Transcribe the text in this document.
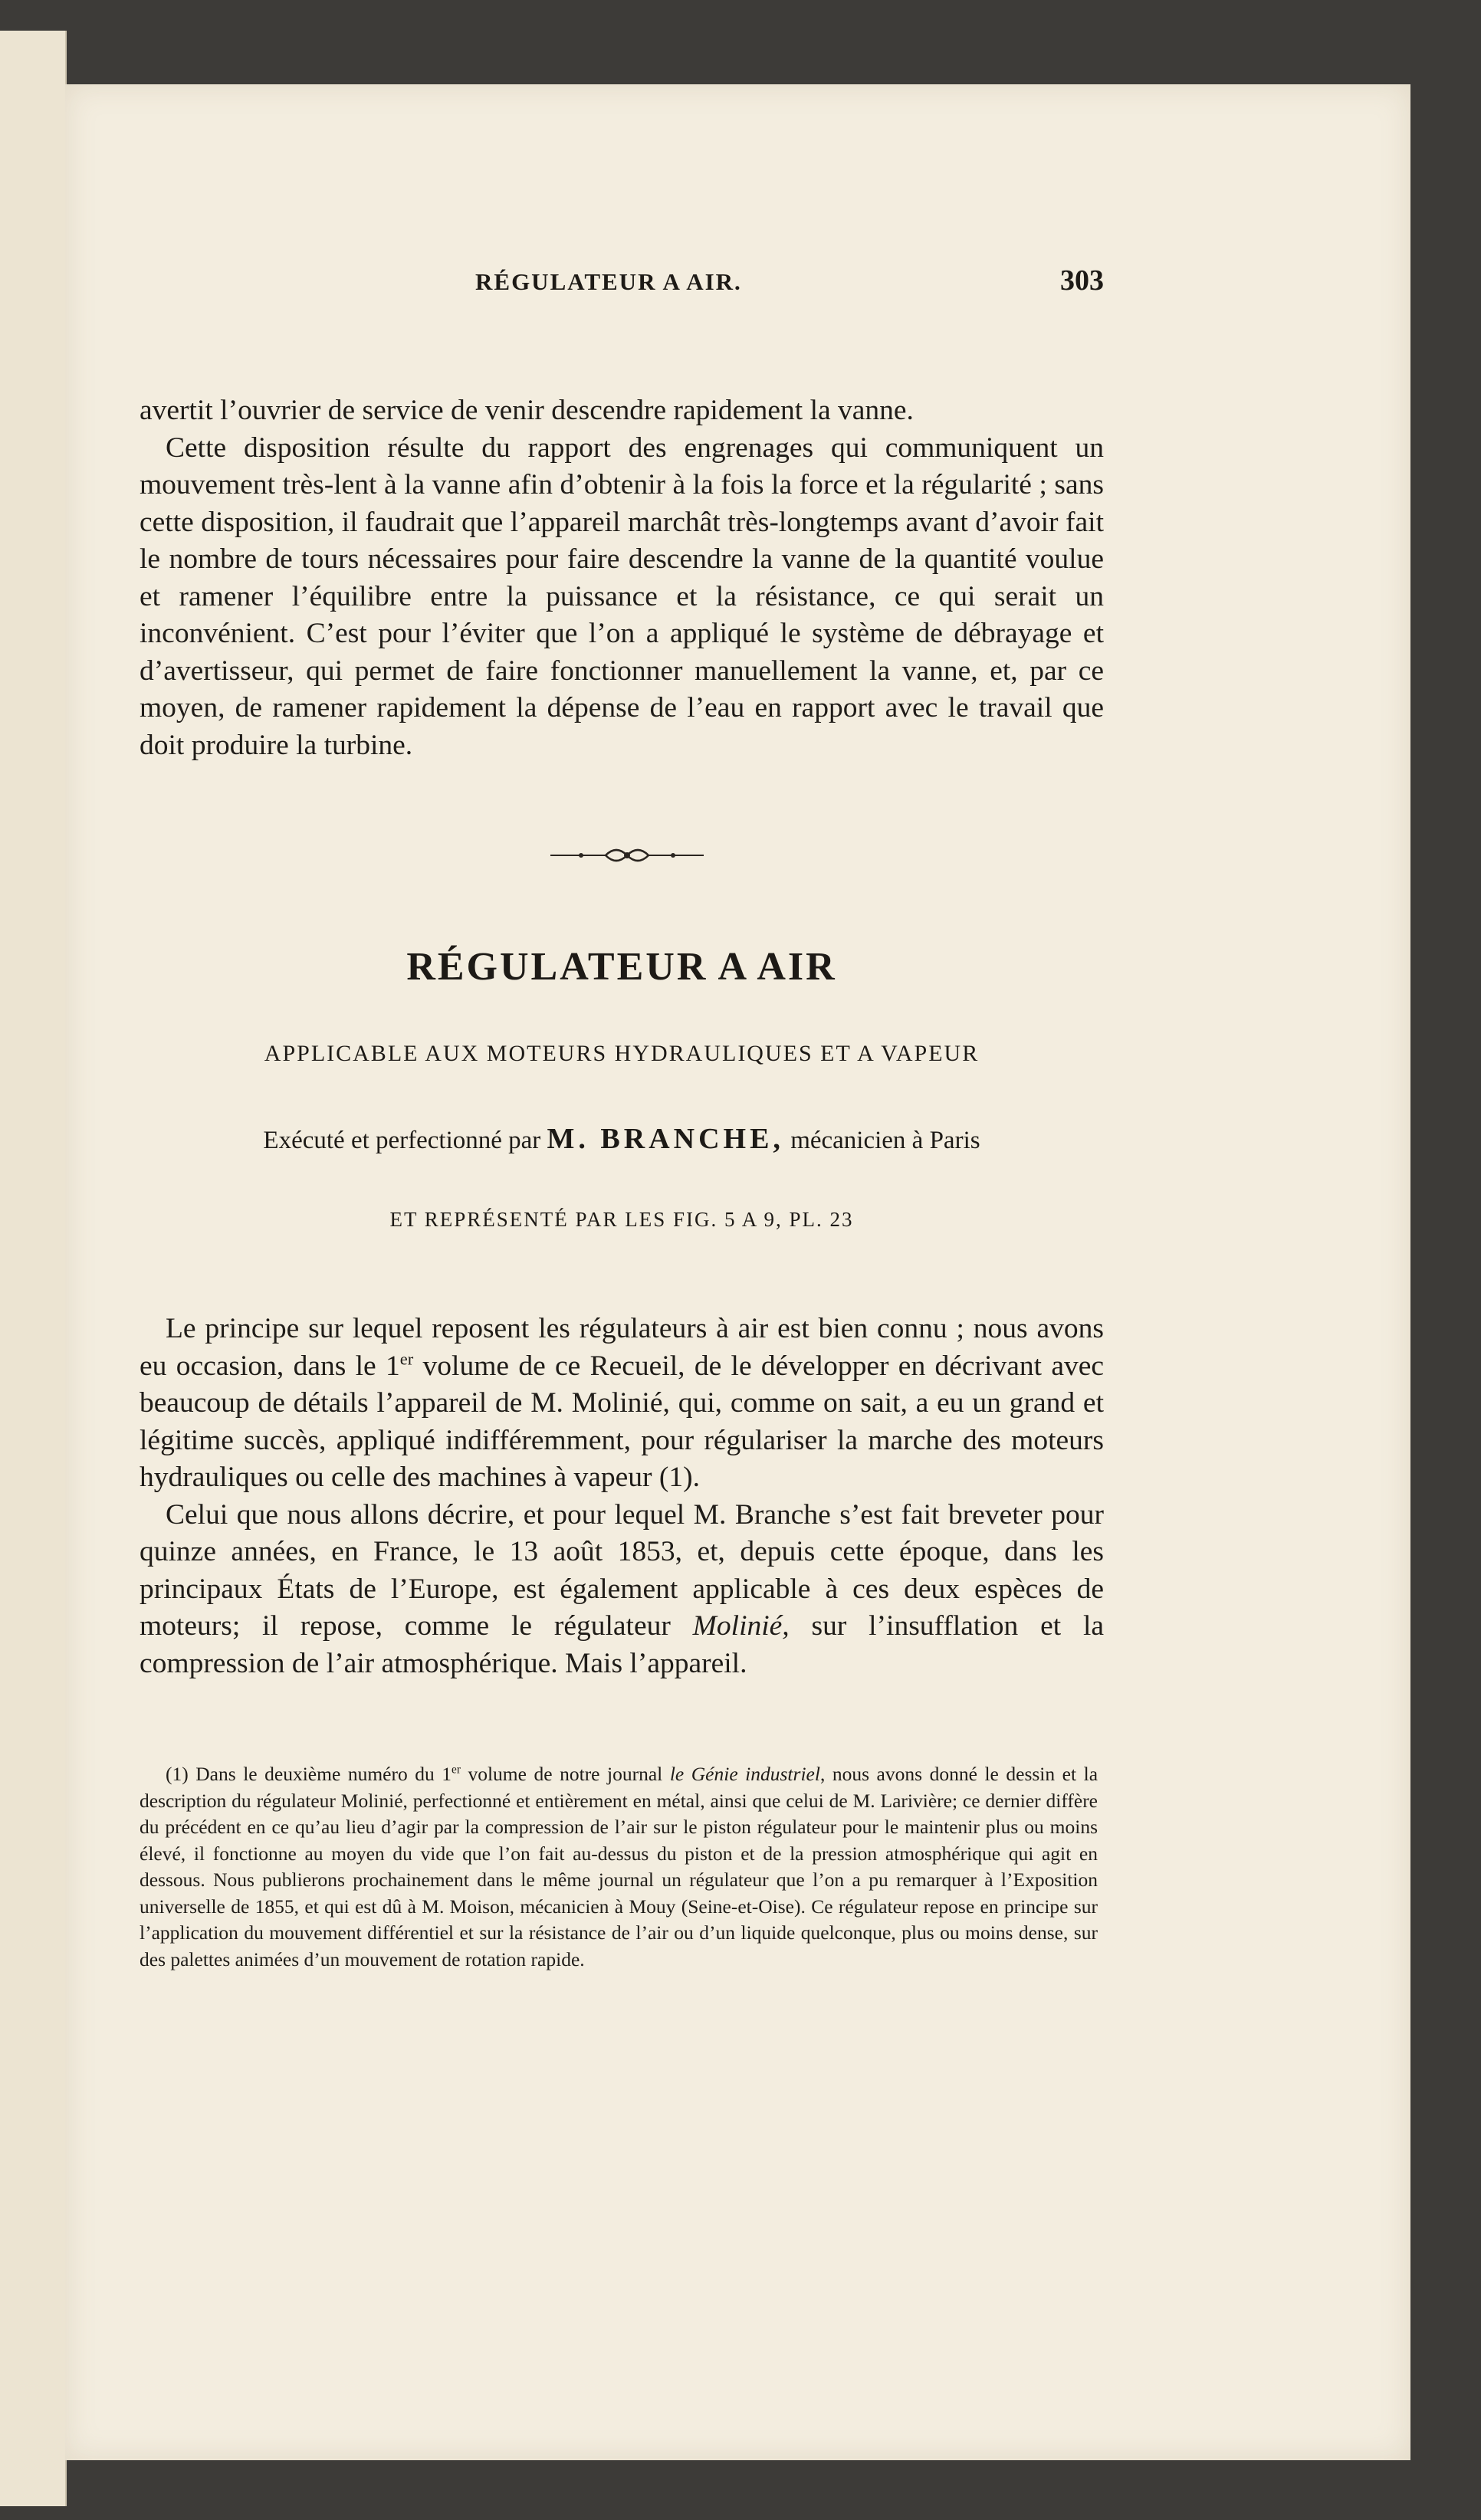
RÉGULATEUR A AIR.	303

avertit l’ouvrier de service de venir descendre rapidement la vanne.

Cette disposition résulte du rapport des engrenages qui communiquent un mouvement très-lent à la vanne afin d’obtenir à la fois la force et la régularité ; sans cette disposition, il faudrait que l’appareil marchât très-longtemps avant d’avoir fait le nombre de tours nécessaires pour faire descendre la vanne de la quantité voulue et ramener l’équilibre entre la puissance et la résistance, ce qui serait un inconvénient. C’est pour l’éviter que l’on a appliqué le système de débrayage et d’avertisseur, qui permet de faire fonctionner manuellement la vanne, et, par ce moyen, de ramener rapidement la dépense de l’eau en rapport avec le travail que doit produire la turbine.

RÉGULATEUR A AIR
APPLICABLE AUX MOTEURS HYDRAULIQUES ET A VAPEUR
Exécuté et perfectionné par M. BRANCHE, mécanicien à Paris
ET REPRÉSENTÉ PAR LES FIG. 5 A 9, PL. 23

Le principe sur lequel reposent les régulateurs à air est bien connu ; nous avons eu occasion, dans le 1er volume de ce Recueil, de le développer en décrivant avec beaucoup de détails l’appareil de M. Molinié, qui, comme on sait, a eu un grand et légitime succès, appliqué indifféremment, pour régulariser la marche des moteurs hydrauliques ou celle des machines à vapeur (1).

Celui que nous allons décrire, et pour lequel M. Branche s’est fait breveter pour quinze années, en France, le 13 août 1853, et, depuis cette époque, dans les principaux États de l’Europe, est également applicable à ces deux espèces de moteurs; il repose, comme le régulateur Molinié, sur l’insufflation et la compression de l’air atmosphérique. Mais l’appareil.

(1) Dans le deuxième numéro du 1er volume de notre journal le Génie industriel, nous avons donné le dessin et la description du régulateur Molinié, perfectionné et entièrement en métal, ainsi que celui de M. Larivière; ce dernier diffère du précédent en ce qu’au lieu d’agir par la compression de l’air sur le piston régulateur pour le maintenir plus ou moins élevé, il fonctionne au moyen du vide que l’on fait au-dessus du piston et de la pression atmosphérique qui agit en dessous. Nous publierons prochainement dans le même journal un régulateur que l’on a pu remarquer à l’Exposition universelle de 1855, et qui est dû à M. Moison, mécanicien à Mouy (Seine-et-Oise). Ce régulateur repose en principe sur l’application du mouvement différentiel et sur la résistance de l’air ou d’un liquide quelconque, plus ou moins dense, sur des palettes animées d’un mouvement de rotation rapide.
